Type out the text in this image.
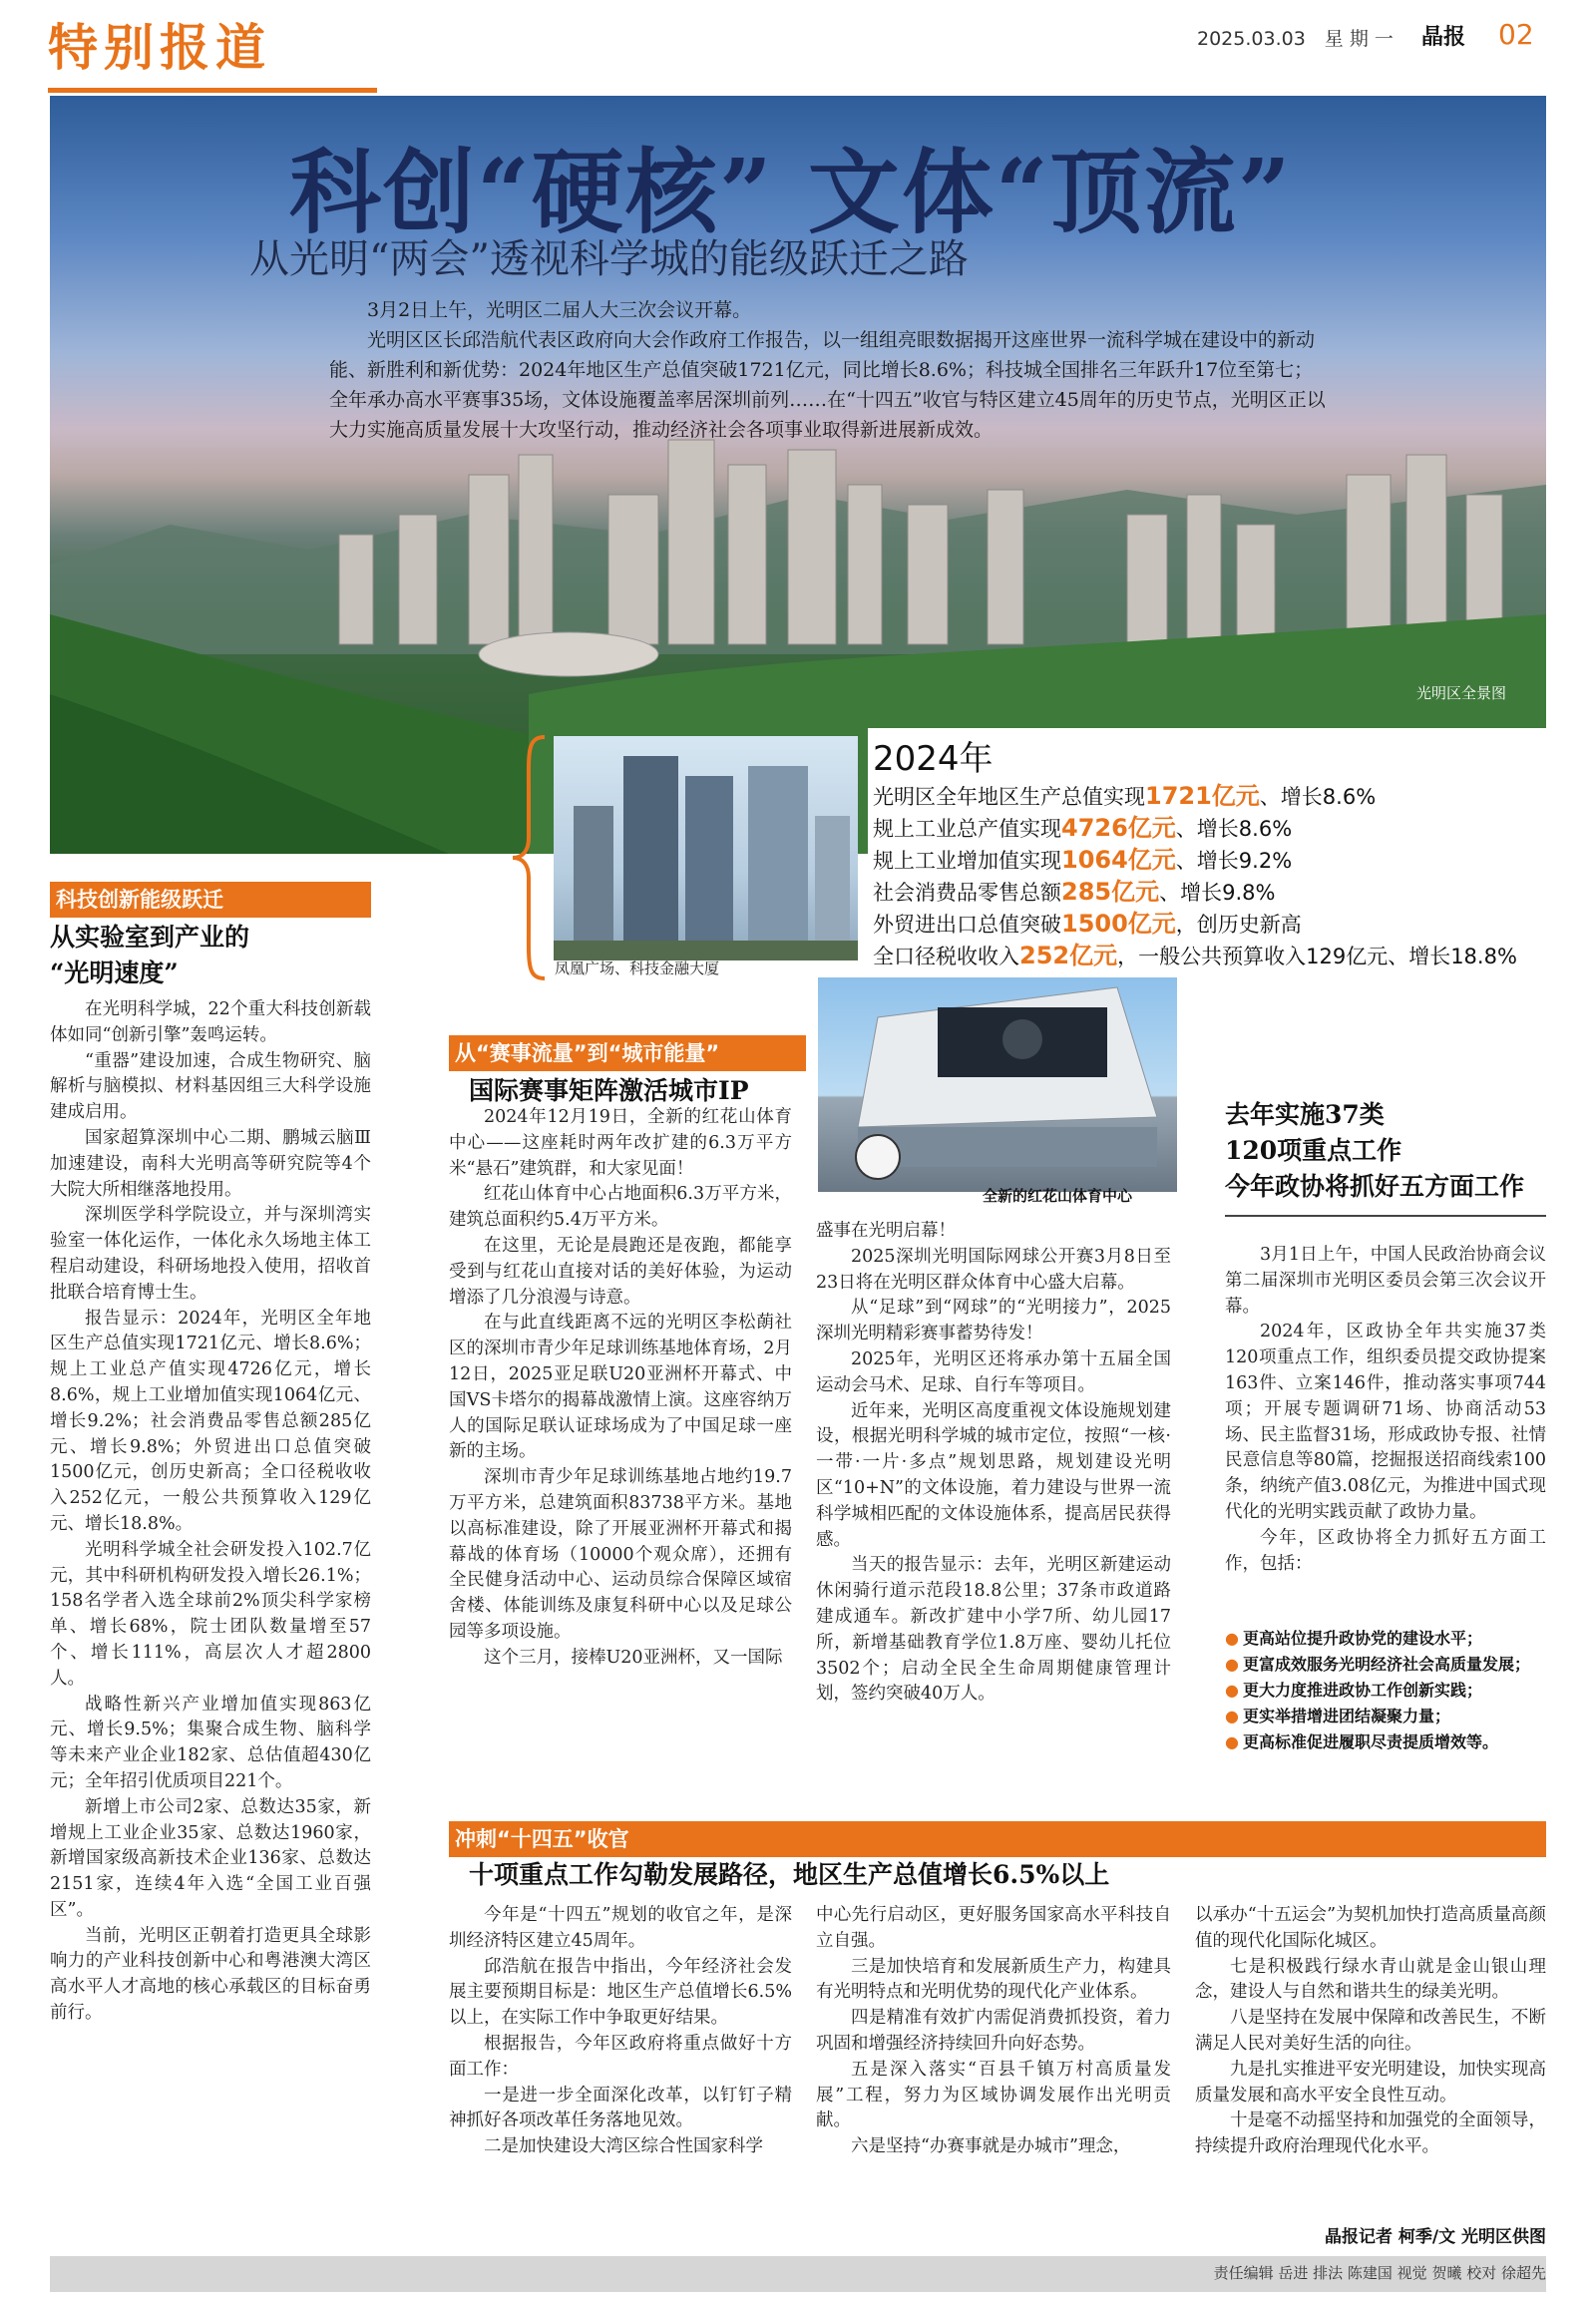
特别报道	2025.03.03　星 期 一	晶报	02
科创“硬核” 文体“顶流”
从光明“两会”透视科学城的能级跃迁之路

3月2日上午，光明区二届人大三次会议开幕。

光明区区长邱浩航代表区政府向大会作政府工作报告，以一组组亮眼数据揭开这座世界一流科学城在建设中的新动能、新胜利和新优势：2024年地区生产总值突破1721亿元，同比增长8.6%；科技城全国排名三年跃升17位至第七；全年承办高水平赛事35场，文体设施覆盖率居深圳前列……在“十四五”收官与特区建立45周年的历史节点，光明区正以大力实施高质量发展十大攻坚行动，推动经济社会各项事业取得新进展新成效。

光明区全景图
凤凰广场、科技金融大厦
2024年
光明区全年地区生产总值实现1721亿元、增长8.6%
规上工业总产值实现4726亿元、增长8.6%
规上工业增加值实现1064亿元、增长9.2%
社会消费品零售总额285亿元、增长9.8%
外贸进出口总值突破1500亿元，创历史新高
全口径税收收入252亿元，一般公共预算收入129亿元、增长18.8%
科技创新能级跃迁
从实验室到产业的
“光明速度”

在光明科学城，22个重大科技创新载体如同“创新引擎”轰鸣运转。

“重器”建设加速，合成生物研究、脑解析与脑模拟、材料基因组三大科学设施建成启用。

国家超算深圳中心二期、鹏城云脑Ⅲ加速建设，南科大光明高等研究院等4个大院大所相继落地投用。

深圳医学科学院设立，并与深圳湾实验室一体化运作，一体化永久场地主体工程启动建设，科研场地投入使用，招收首批联合培育博士生。

报告显示：2024年，光明区全年地区生产总值实现1721亿元、增长8.6%；规上工业总产值实现4726亿元，增长8.6%，规上工业增加值实现1064亿元、增长9.2%；社会消费品零售总额285亿元、增长9.8%；外贸进出口总值突破1500亿元，创历史新高；全口径税收收入252亿元，一般公共预算收入129亿元、增长18.8%。

光明科学城全社会研发投入102.7亿元，其中科研机构研发投入增长26.1%；158名学者入选全球前2%顶尖科学家榜单、增长68%，院士团队数量增至57个、增长111%，高层次人才超2800人。

战略性新兴产业增加值实现863亿元、增长9.5%；集聚合成生物、脑科学等未来产业企业182家、总估值超430亿元；全年招引优质项目221个。

新增上市公司2家、总数达35家，新增规上工业企业35家、总数达1960家，新增国家级高新技术企业136家、总数达2151家，连续4年入选“全国工业百强区”。

当前，光明区正朝着打造更具全球影响力的产业科技创新中心和粤港澳大湾区高水平人才高地的核心承载区的目标奋勇前行。

从“赛事流量”到“城市能量”
国际赛事矩阵激活城市IP
全新的红花山体育中心

2024年12月19日，全新的红花山体育中心——这座耗时两年改扩建的6.3万平方米“悬石”建筑群，和大家见面！

红花山体育中心占地面积6.3万平方米，建筑总面积约5.4万平方米。

在这里，无论是晨跑还是夜跑，都能享受到与红花山直接对话的美好体验，为运动增添了几分浪漫与诗意。

在与此直线距离不远的光明区李松蓢社区的深圳市青少年足球训练基地体育场，2月12日，2025亚足联U20亚洲杯开幕式、中国VS卡塔尔的揭幕战激情上演。这座容纳万人的国际足联认证球场成为了中国足球一座新的主场。

深圳市青少年足球训练基地占地约19.7万平方米，总建筑面积83738平方米。基地以高标准建设，除了开展亚洲杯开幕式和揭幕战的体育场（10000个观众席），还拥有全民健身活动中心、运动员综合保障区域宿舍楼、体能训练及康复科研中心以及足球公园等多项设施。

这个三月，接棒U20亚洲杯，又一国际

盛事在光明启幕！

2025深圳光明国际网球公开赛3月8日至23日将在光明区群众体育中心盛大启幕。

从“足球”到“网球”的“光明接力”，2025深圳光明精彩赛事蓄势待发！

2025年，光明区还将承办第十五届全国运动会马术、足球、自行车等项目。

近年来，光明区高度重视文体设施规划建设，根据光明科学城的城市定位，按照“一核·一带·一片·多点”规划思路，规划建设光明区“10+N”的文体设施，着力建设与世界一流科学城相匹配的文体设施体系，提高居民获得感。

当天的报告显示：去年，光明区新建运动休闲骑行道示范段18.8公里；37条市政道路建成通车。新改扩建中小学7所、幼儿园17所，新增基础教育学位1.8万座、婴幼儿托位3502个；启动全民全生命周期健康管理计划，签约突破40万人。

去年实施37类
120项重点工作
今年政协将抓好五方面工作

3月1日上午，中国人民政治协商会议第二届深圳市光明区委员会第三次会议开幕。

2024年，区政协全年共实施37类120项重点工作，组织委员提交政协提案163件、立案146件，推动落实事项744项；开展专题调研71场、协商活动53场、民主监督31场，形成政协专报、社情民意信息等80篇，挖掘报送招商线索100条，纳统产值3.08亿元，为推进中国式现代化的光明实践贡献了政协力量。

今年，区政协将全力抓好五方面工作，包括：

● 更高站位提升政协党的建设水平；
● 更富成效服务光明经济社会高质量发展；
● 更大力度推进政协工作创新实践；
● 更实举措增进团结凝聚力量；
● 更高标准促进履职尽责提质增效等。
冲刺“十四五”收官
十项重点工作勾勒发展路径，地区生产总值增长6.5%以上

今年是“十四五”规划的收官之年，是深圳经济特区建立45周年。

邱浩航在报告中指出，今年经济社会发展主要预期目标是：地区生产总值增长6.5%以上，在实际工作中争取更好结果。

根据报告，今年区政府将重点做好十方面工作：

一是进一步全面深化改革，以钉钉子精神抓好各项改革任务落地见效。

二是加快建设大湾区综合性国家科学

中心先行启动区，更好服务国家高水平科技自立自强。

三是加快培育和发展新质生产力，构建具有光明特点和光明优势的现代化产业体系。

四是精准有效扩内需促消费抓投资，着力巩固和增强经济持续回升向好态势。

五是深入落实“百县千镇万村高质量发展”工程，努力为区域协调发展作出光明贡献。

六是坚持“办赛事就是办城市”理念，

以承办“十五运会”为契机加快打造高质量高颜值的现代化国际化城区。

七是积极践行绿水青山就是金山银山理念，建设人与自然和谐共生的绿美光明。

八是坚持在发展中保障和改善民生，不断满足人民对美好生活的向往。

九是扎实推进平安光明建设，加快实现高质量发展和高水平安全良性互动。

十是毫不动摇坚持和加强党的全面领导，持续提升政府治理现代化水平。

晶报记者 柯季/文 光明区供图
责任编辑 岳进 排法 陈建国 视觉 贺曦 校对 徐超先
